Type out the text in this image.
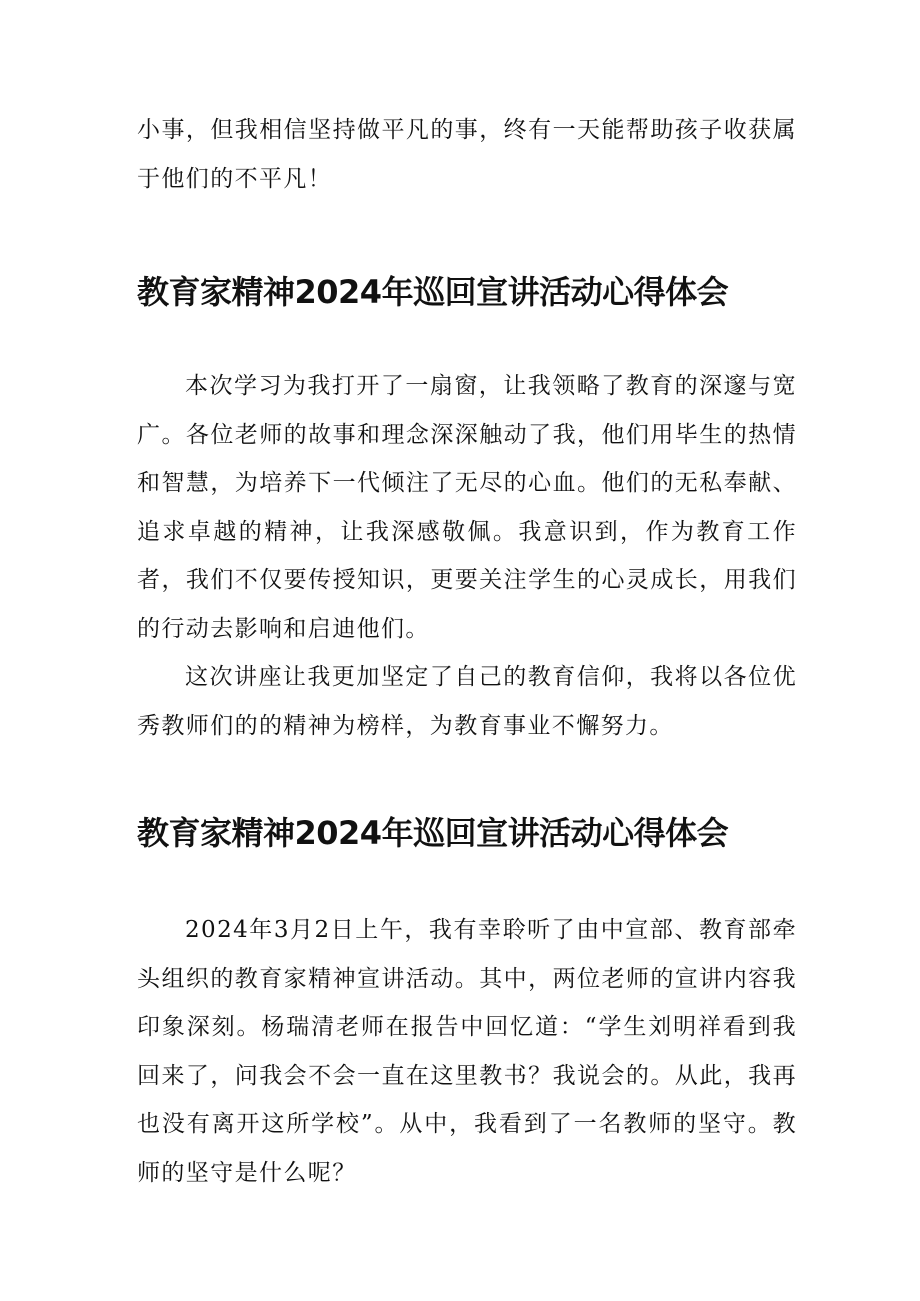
小事，但我相信坚持做平凡的事，终有一天能帮助孩子收获属于他们的不平凡！

教育家精神2024年巡回宣讲活动心得体会

本次学习为我打开了一扇窗，让我领略了教育的深邃与宽广。各位老师的故事和理念深深触动了我，他们用毕生的热情和智慧，为培养下一代倾注了无尽的心血。他们的无私奉献、追求卓越的精神，让我深感敬佩。我意识到，作为教育工作者，我们不仅要传授知识，更要关注学生的心灵成长，用我们的行动去影响和启迪他们。

这次讲座让我更加坚定了自己的教育信仰，我将以各位优秀教师们的的精神为榜样，为教育事业不懈努力。

教育家精神2024年巡回宣讲活动心得体会

2024年3月2日上午，我有幸聆听了由中宣部、教育部牵头组织的教育家精神宣讲活动。其中，两位老师的宣讲内容我印象深刻。杨瑞清老师在报告中回忆道：“学生刘明祥看到我回来了，问我会不会一直在这里教书？我说会的。从此，我再也没有离开这所学校”。从中，我看到了一名教师的坚守。教师的坚守是什么呢？
